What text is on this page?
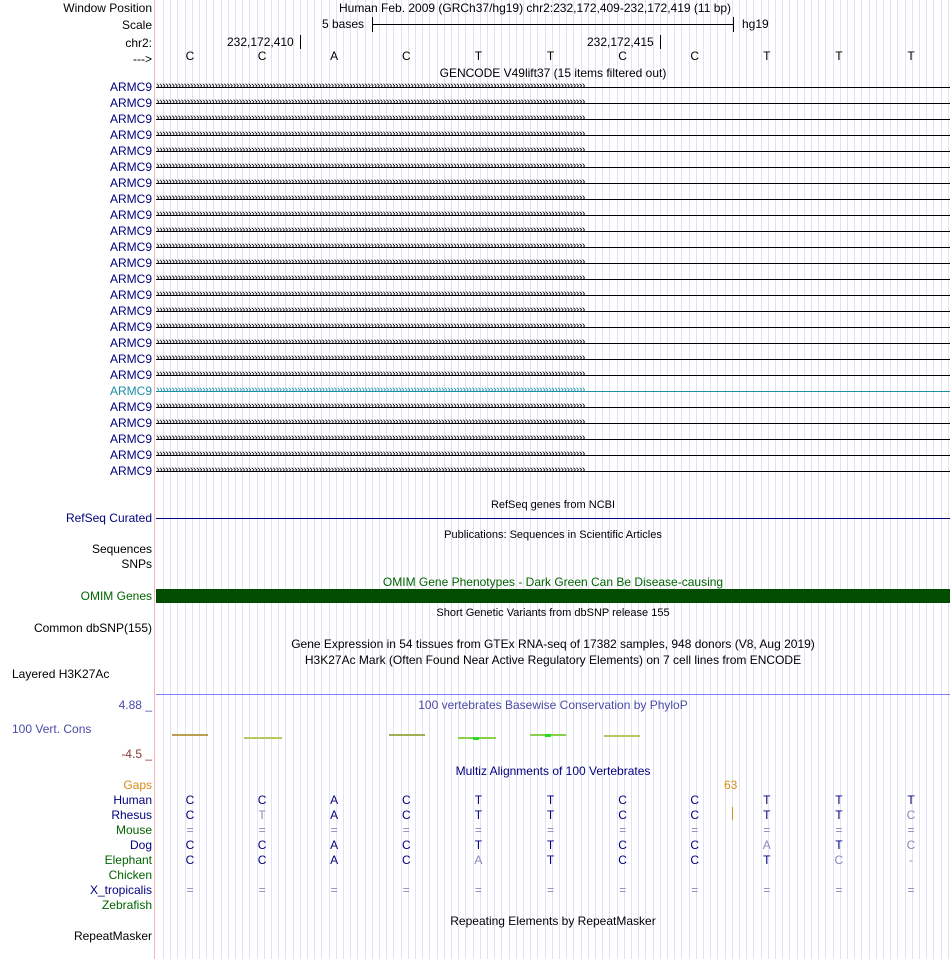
Window Position	Human Feb. 2009 (GRCh37/hg19) chr2:232,172,409-232,172,419 (11 bp)
Scale	5 bases	hg19
chr2:	232,172,410	232,172,415
--->	C	C	A	C	T	T	C	C	T	T	T
GENCODE V49lift37 (15 items filtered out)
ARMC9 ››››››››››››››››››››››››››››››››››››››››››››››››››››››››››››››››››››››››››››››››››››››››››››››››››››››››››››››››››››››››››››››››››››››››››››
ARMC9 ››››››››››››››››››››››››››››››››››››››››››››››››››››››››››››››››››››››››››››››››››››››››››››››››››››››››››››››››››››››››››››››››››››››››››››
ARMC9 ››››››››››››››››››››››››››››››››››››››››››››››››››››››››››››››››››››››››››››››››››››››››››››››››››››››››››››››››››››››››››››››››››››››››››››
ARMC9 ››››››››››››››››››››››››››››››››››››››››››››››››››››››››››››››››››››››››››››››››››››››››››››››››››››››››››››››››››››››››››››››››››››››››››››
ARMC9 ››››››››››››››››››››››››››››››››››››››››››››››››››››››››››››››››››››››››››››››››››››››››››››››››››››››››››››››››››››››››››››››››››››››››››››
ARMC9 ››››››››››››››››››››››››››››››››››››››››››››››››››››››››››››››››››››››››››››››››››››››››››››››››››››››››››››››››››››››››››››››››››››››››››››
ARMC9 ››››››››››››››››››››››››››››››››››››››››››››››››››››››››››››››››››››››››››››››››››››››››››››››››››››››››››››››››››››››››››››››››››››››››››››
ARMC9 ››››››››››››››››››››››››››››››››››››››››››››››››››››››››››››››››››››››››››››››››››››››››››››››››››››››››››››››››››››››››››››››››››››››››››››
ARMC9 ››››››››››››››››››››››››››››››››››››››››››››››››››››››››››››››››››››››››››››››››››››››››››››››››››››››››››››››››››››››››››››››››››››››››››››
ARMC9 ››››››››››››››››››››››››››››››››››››››››››››››››››››››››››››››››››››››››››››››››››››››››››››››››››››››››››››››››››››››››››››››››››››››››››››
ARMC9 ››››››››››››››››››››››››››››››››››››››››››››››››››››››››››››››››››››››››››››››››››››››››››››››››››››››››››››››››››››››››››››››››››››››››››››
ARMC9 ››››››››››››››››››››››››››››››››››››››››››››››››››››››››››››››››››››››››››››››››››››››››››››››››››››››››››››››››››››››››››››››››››››››››››››
ARMC9 ››››››››››››››››››››››››››››››››››››››››››››››››››››››››››››››››››››››››››››››››››››››››››››››››››››››››››››››››››››››››››››››››››››››››››››
ARMC9 ››››››››››››››››››››››››››››››››››››››››››››››››››››››››››››››››››››››››››››››››››››››››››››››››››››››››››››››››››››››››››››››››››››››››››››
ARMC9 ››››››››››››››››››››››››››››››››››››››››››››››››››››››››››››››››››››››››››››››››››››››››››››››››››››››››››››››››››››››››››››››››››››››››››››
ARMC9 ››››››››››››››››››››››››››››››››››››››››››››››››››››››››››››››››››››››››››››››››››››››››››››››››››››››››››››››››››››››››››››››››››››››››››››
ARMC9 ››››››››››››››››››››››››››››››››››››››››››››››››››››››››››››››››››››››››››››››››››››››››››››››››››››››››››››››››››››››››››››››››››››››››››››
ARMC9 ››››››››››››››››››››››››››››››››››››››››››››››››››››››››››››››››››››››››››››››››››››››››››››››››››››››››››››››››››››››››››››››››››››››››››››
ARMC9 ››››››››››››››››››››››››››››››››››››››››››››››››››››››››››››››››››››››››››››››››››››››››››››››››››››››››››››››››››››››››››››››››››››››››››››
ARMC9 ››››››››››››››››››››››››››››››››››››››››››››››››››››››››››››››››››››››››››››››››››››››››››››››››››››››››››››››››››››››››››››››››››››››››››››
ARMC9 ››››››››››››››››››››››››››››››››››››››››››››››››››››››››››››››››››››››››››››››››››››››››››››››››››››››››››››››››››››››››››››››››››››››››››››
ARMC9 ››››››››››››››››››››››››››››››››››››››››››››››››››››››››››››››››››››››››››››››››››››››››››››››››››››››››››››››››››››››››››››››››››››››››››››
ARMC9 ››››››››››››››››››››››››››››››››››››››››››››››››››››››››››››››››››››››››››››››››››››››››››››››››››››››››››››››››››››››››››››››››››››››››››››
ARMC9 ››››››››››››››››››››››››››››››››››››››››››››››››››››››››››››››››››››››››››››››››››››››››››››››››››››››››››››››››››››››››››››››››››››››››››››
ARMC9 ››››››››››››››››››››››››››››››››››››››››››››››››››››››››››››››››››››››››››››››››››››››››››››››››››››››››››››››››››››››››››››››››››››››››››››
RefSeq genes from NCBI
RefSeq Curated
Publications: Sequences in Scientific Articles
Sequences
SNPs
OMIM Gene Phenotypes - Dark Green Can Be Disease-causing
OMIM Genes
Short Genetic Variants from dbSNP release 155
Common dbSNP(155)
Gene Expression in 54 tissues from GTEx RNA-seq of 17382 samples, 948 donors (V8, Aug 2019)
H3K27Ac Mark (Often Found Near Active Regulatory Elements) on 7 cell lines from ENCODE
Layered H3K27Ac
100 vertebrates Basewise Conservation by PhyloP
4.88 _
100 Vert. Cons
-4.5 _
Multiz Alignments of 100 Vertebrates
Gaps	63
Human	C	C	A	C	T	T	C	C	T	T	T
Rhesus	C	T	A	C	T	T	C	C	T	T	C
Mouse	=	=	=	=	=	=	=	=	=	=	=
Dog	C	C	A	C	T	T	C	C	A	T	C
Elephant	C	C	A	C	A	T	C	C	T	C	-
Chicken
X_tropicalis	=	=	=	=	=	=	=	=	=	=	=
Zebrafish
Repeating Elements by RepeatMasker
RepeatMasker
